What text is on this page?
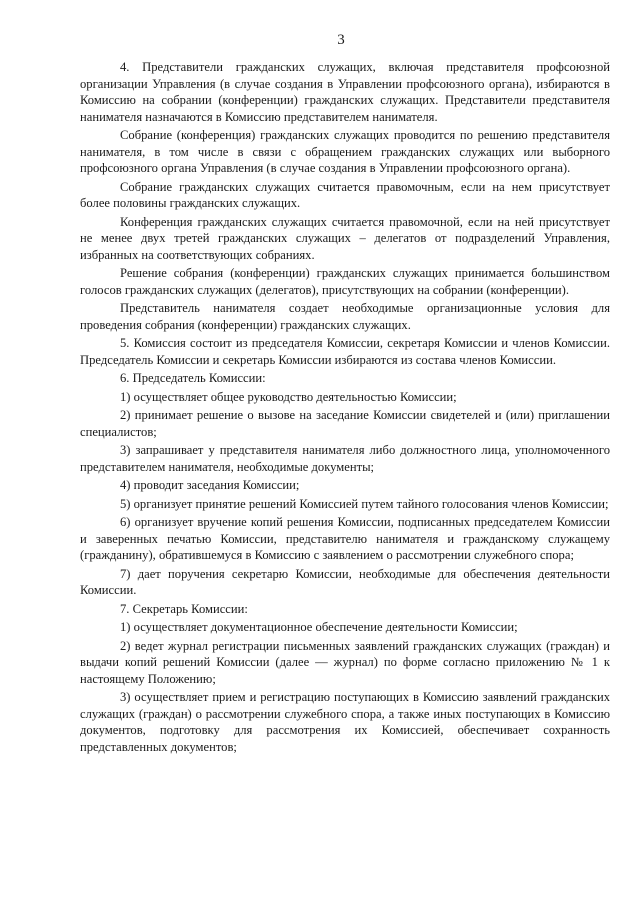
3

4. Представители гражданских служащих, включая представителя профсоюзной организации Управления (в случае создания в Управлении профсоюзного органа), избираются в Комиссию на собрании (конференции) гражданских служащих. Представители представителя нанимателя назначаются в Комиссию представителем нанимателя.

Собрание (конференция) гражданских служащих проводится по решению представителя нанимателя, в том числе в связи с обращением гражданских служащих или выборного профсоюзного органа Управления (в случае создания в Управлении профсоюзного органа).

Собрание гражданских служащих считается правомочным, если на нем присутствует более половины гражданских служащих.

Конференция гражданских служащих считается правомочной, если на ней присутствует не менее двух третей гражданских служащих – делегатов от подразделений Управления, избранных на соответствующих собраниях.

Решение собрания (конференции) гражданских служащих принимается большинством голосов гражданских служащих (делегатов), присутствующих на собрании (конференции).

Представитель нанимателя создает необходимые организационные условия для проведения собрания (конференции) гражданских служащих.

5. Комиссия состоит из председателя Комиссии, секретаря Комиссии и членов Комиссии. Председатель Комиссии и секретарь Комиссии избираются из состава членов Комиссии.

6. Председатель Комиссии:

1) осуществляет общее руководство деятельностью Комиссии;

2) принимает решение о вызове на заседание Комиссии свидетелей и (или) приглашении специалистов;

3) запрашивает у представителя нанимателя либо должностного лица, уполномоченного представителем нанимателя, необходимые документы;

4) проводит заседания Комиссии;

5) организует принятие решений Комиссией путем тайного голосования членов Комиссии;

6) организует вручение копий решения Комиссии, подписанных председателем Комиссии и заверенных печатью Комиссии, представителю нанимателя и гражданскому служащему (гражданину), обратившемуся в Комиссию с заявлением о рассмотрении служебного спора;

7) дает поручения секретарю Комиссии, необходимые для обеспечения деятельности Комиссии.

7. Секретарь Комиссии:

1) осуществляет документационное обеспечение деятельности Комиссии;

2) ведет журнал регистрации письменных заявлений гражданских служащих (граждан) и выдачи копий решений Комиссии (далее — журнал) по форме согласно приложению № 1 к настоящему Положению;

3) осуществляет прием и регистрацию поступающих в Комиссию заявлений гражданских служащих (граждан) о рассмотрении служебного спора, а также иных поступающих в Комиссию документов, подготовку для рассмотрения их Комиссией, обеспечивает сохранность представленных документов;
